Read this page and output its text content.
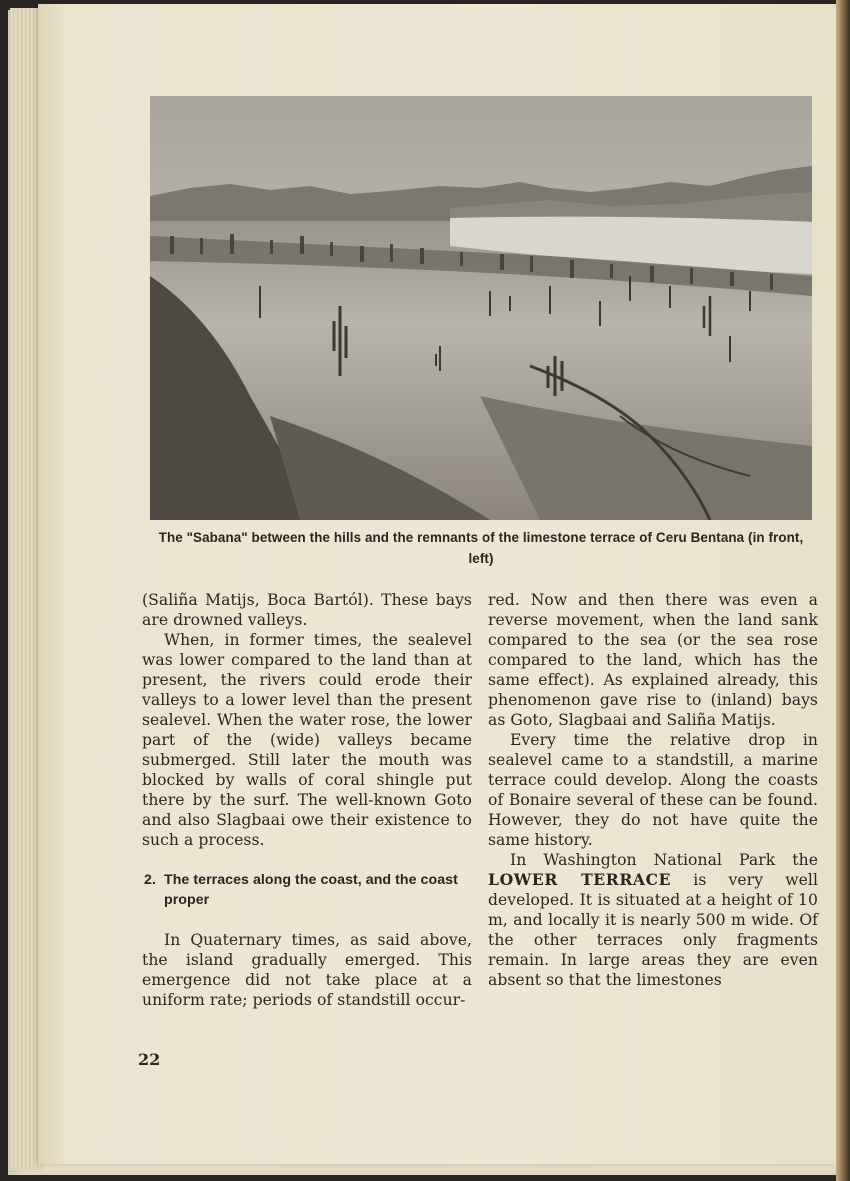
The "Sabana" between the hills and the remnants of the limestone terrace of Ceru Bentana (in front, left)

(Saliña Matijs, Boca Bartól). These bays are drowned valleys.

When, in former times, the sealevel was lower compared to the land than at present, the rivers could erode their valleys to a lower level than the present sealevel. When the water rose, the lower part of the (wide) valleys became submerged. Still later the mouth was blocked by walls of coral shingle put there by the surf. The well-known Goto and also Slagbaai owe their existence to such a process.

2. The terraces along the coast, and the coast proper

In Quaternary times, as said above, the island gradually emerged. This emergence did not take place at a uniform rate; periods of standstill occur-

red. Now and then there was even a reverse movement, when the land sank compared to the sea (or the sea rose compared to the land, which has the same effect). As explained already, this phenomenon gave rise to (inland) bays as Goto, Slagbaai and Saliña Matijs.

Every time the relative drop in sealevel came to a standstill, a marine terrace could develop. Along the coasts of Bonaire several of these can be found. However, they do not have quite the same history.

In Washington National Park the LOWER TERRACE is very well developed. It is situated at a height of 10 m, and locally it is nearly 500 m wide. Of the other terraces only fragments remain. In large areas they are even absent so that the limestones

22
